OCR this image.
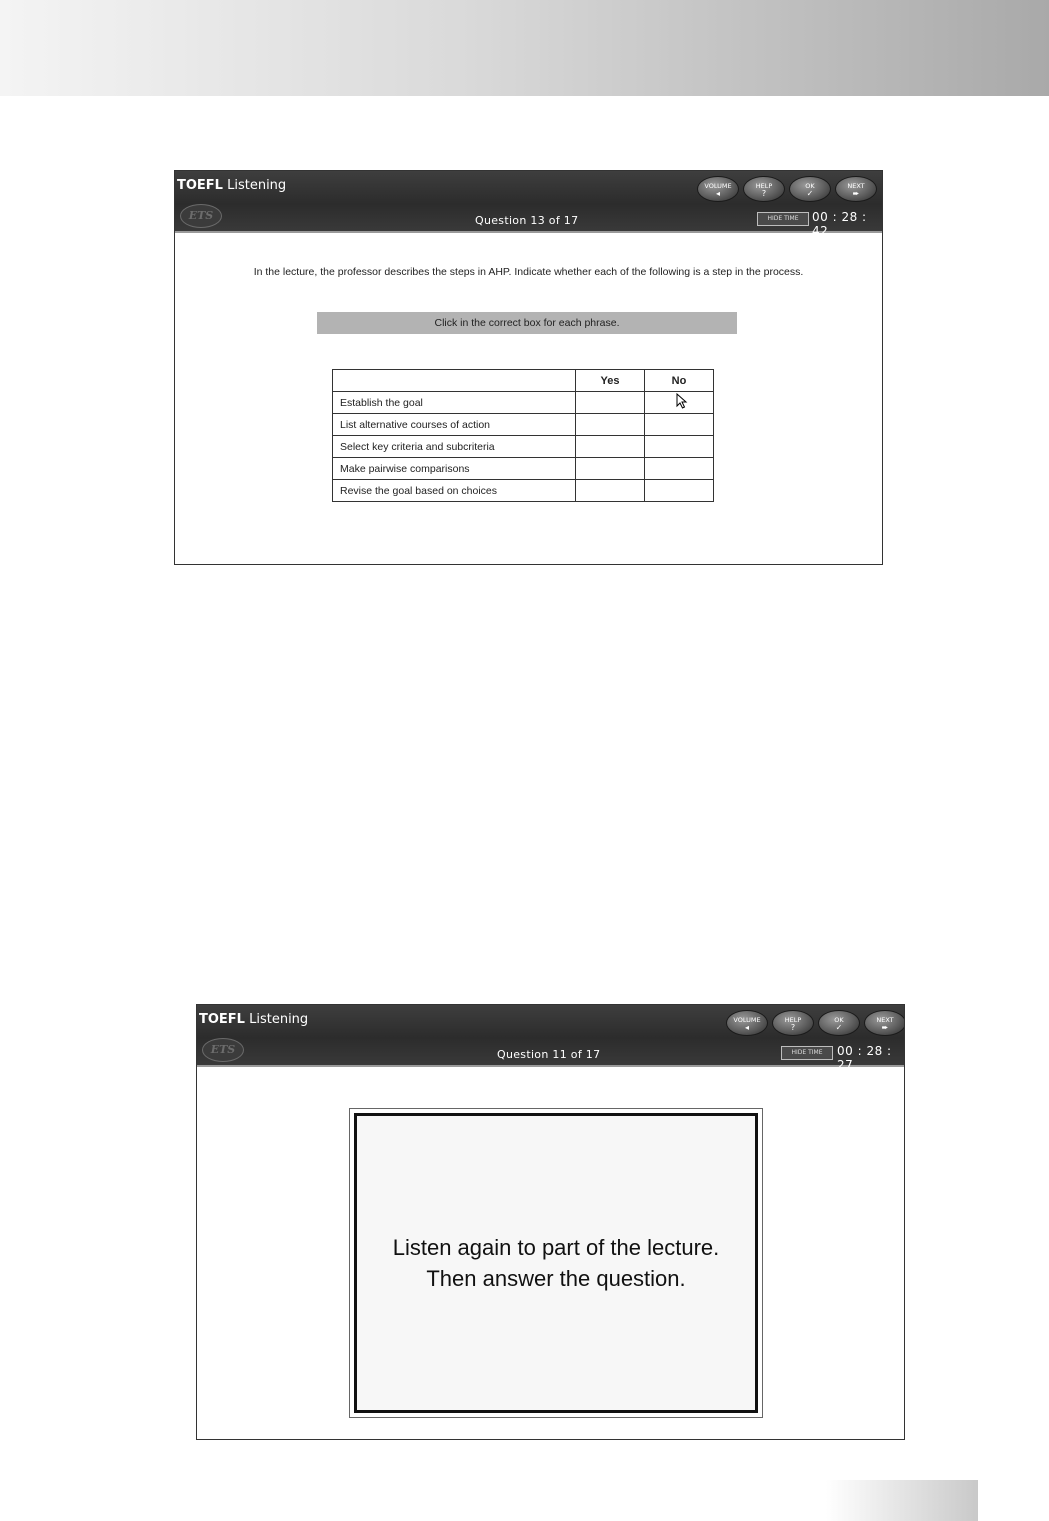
TOEFL Listening
ETS	Question 13 of 17
VOLUME
◂
HELP
?
OK
✓
NEXT
➨
HIDE TIME	00 : 28 : 42
In the lecture, the professor describes the steps in AHP. Indicate whether each of the following is a step in the process.
Click in the correct box for each phrase.
	Yes	No
Establish the goal		
List alternative courses of action		
Select key criteria and subcriteria		
Make pairwise comparisons		
Revise the goal based on choices		
TOEFL Listening
ETS	Question 11 of 17
VOLUME
◂
HELP
?
OK
✓
NEXT
➨
HIDE TIME	00 : 28 : 27
Listen again to part of the lecture.
Then answer the question.
